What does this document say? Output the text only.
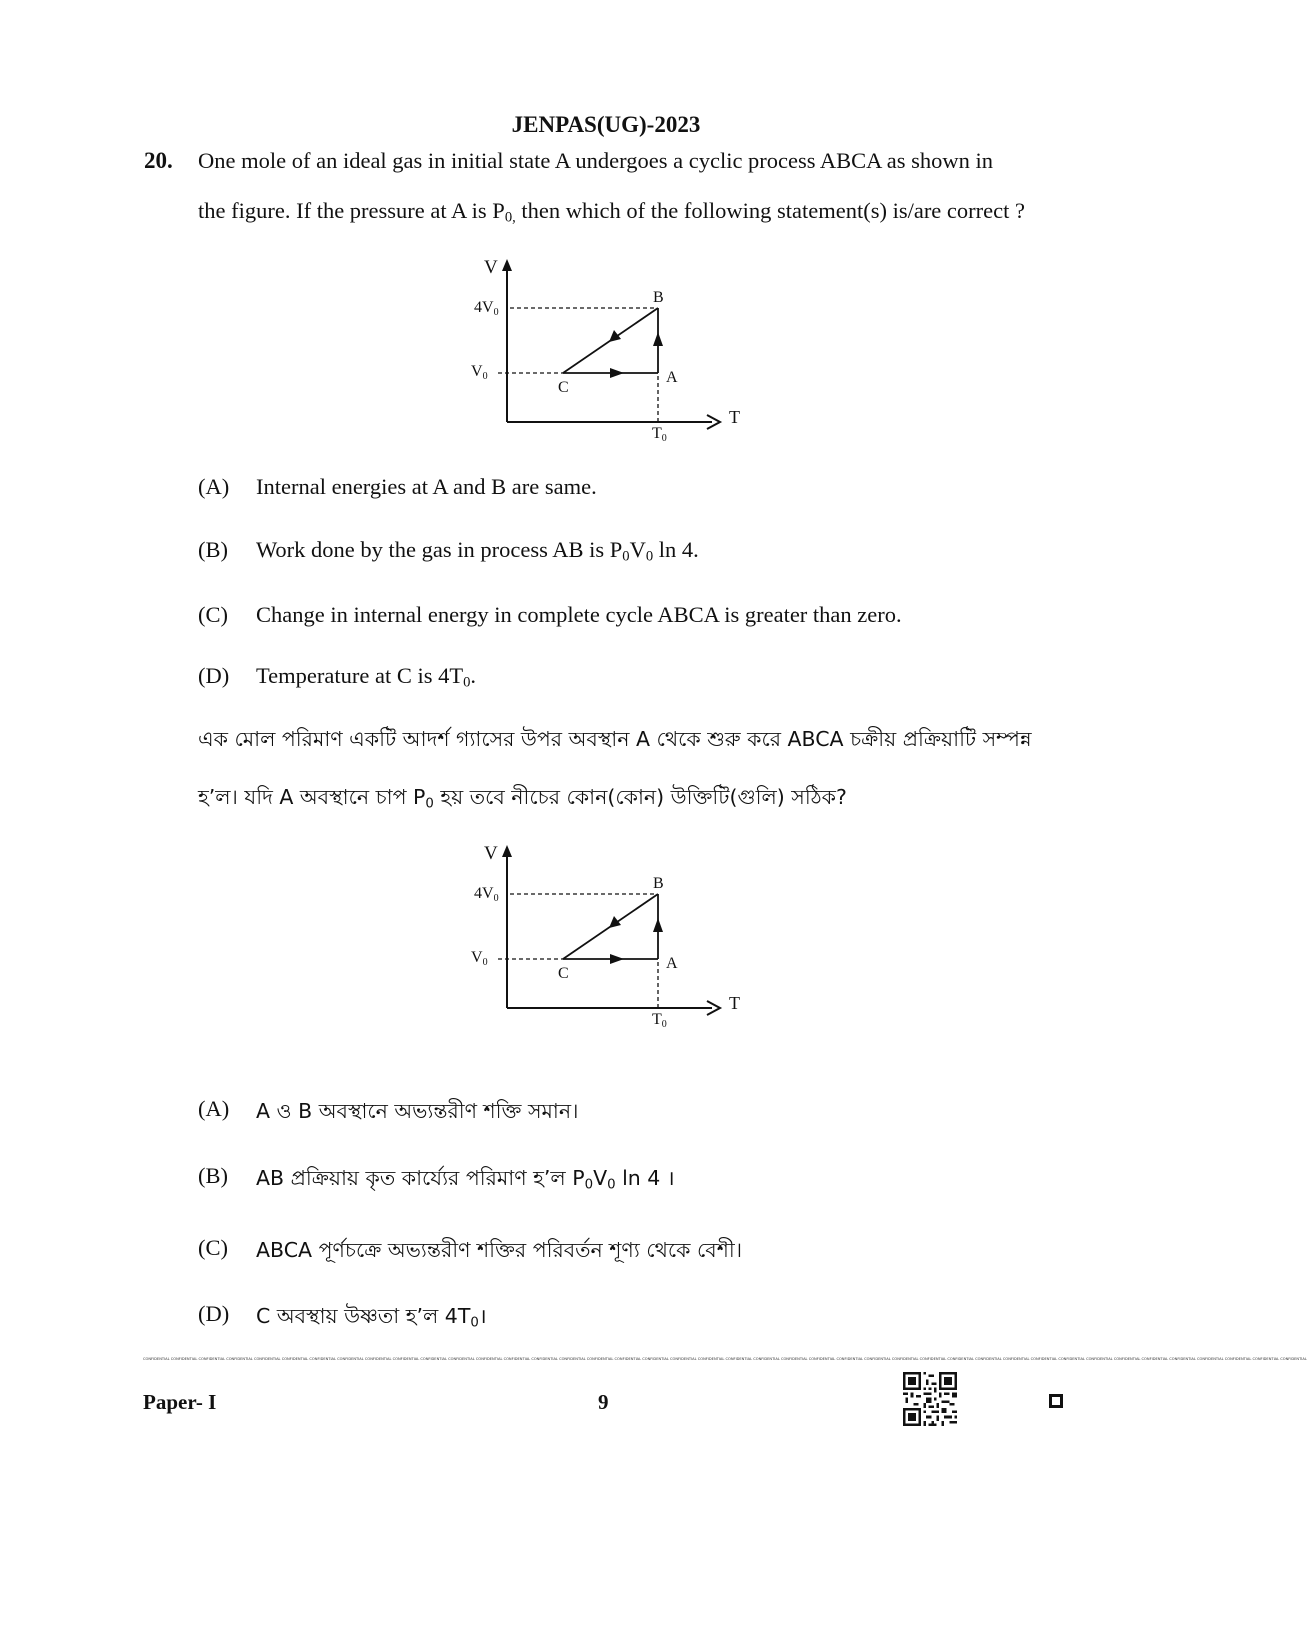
JENPAS(UG)-2023
20. One mole of an ideal gas in initial state A undergoes a cyclic process ABCA as shown in
the figure. If the pressure at A is $P_{0,}$ then which of the following statement(s) is/are correct ?
V
4V0
V0
B
A
C
T0
T
(A) Internal energies at A and B are same.
(B) Work done by the gas in process AB is $P_0V_0$ ln 4.
(C) Change in internal energy in complete cycle ABCA is greater than zero.
(D) Temperature at C is $4T_0$.
এক মোল পরিমাণ একটি আদর্শ গ্যাসের উপর অবস্থান A থেকে শুরু করে ABCA চক্রীয় প্রক্রিয়াটি সম্পন্ন
হ’ল। যদি A অবস্থানে চাপ $P_0$ হয় তবে নীচের কোন(কোন) উক্তিটি(গুলি) সঠিক?
V
4V0
V0
B
A
C
T0
T
(A) A ও B অবস্থানে অভ্যন্তরীণ শক্তি সমান।
(B) AB প্রক্রিয়ায় কৃত কার্য্যের পরিমাণ হ’ল $P_0V_0$ ln 4 ।
(C) ABCA পূর্ণচক্রে অভ্যন্তরীণ শক্তির পরিবর্তন শূণ্য থেকে বেশী।
(D) C অবস্থায় উষ্ণতা হ’ল $4T_0।$
CONFIDENTIAL CONFIDENTIAL CONFIDENTIAL CONFIDENTIAL CONFIDENTIAL CONFIDENTIAL CONFIDENTIAL CONFIDENTIAL CONFIDENTIAL CONFIDENTIAL CONFIDENTIAL CONFIDENTIAL CONFIDENTIAL CONFIDENTIAL CONFIDENTIAL CONFIDENTIAL CONFIDENTIAL CONFIDENTIAL CONFIDENTIAL CONFIDENTIAL CONFIDENTIAL CONFIDENTIAL CONFIDENTIAL CONFIDENTIAL CONFIDENTIAL CONFIDENTIAL CONFIDENTIAL CONFIDENTIAL CONFIDENTIAL CONFIDENTIAL CONFIDENTIAL CONFIDENTIAL CONFIDENTIAL CONFIDENTIAL CONFIDENTIAL CONFIDENTIAL CONFIDENTIAL CONFIDENTIAL CONFIDENTIAL CONFIDENTIAL CONFIDENTIAL CONFIDENTIAL
Paper- I	9
